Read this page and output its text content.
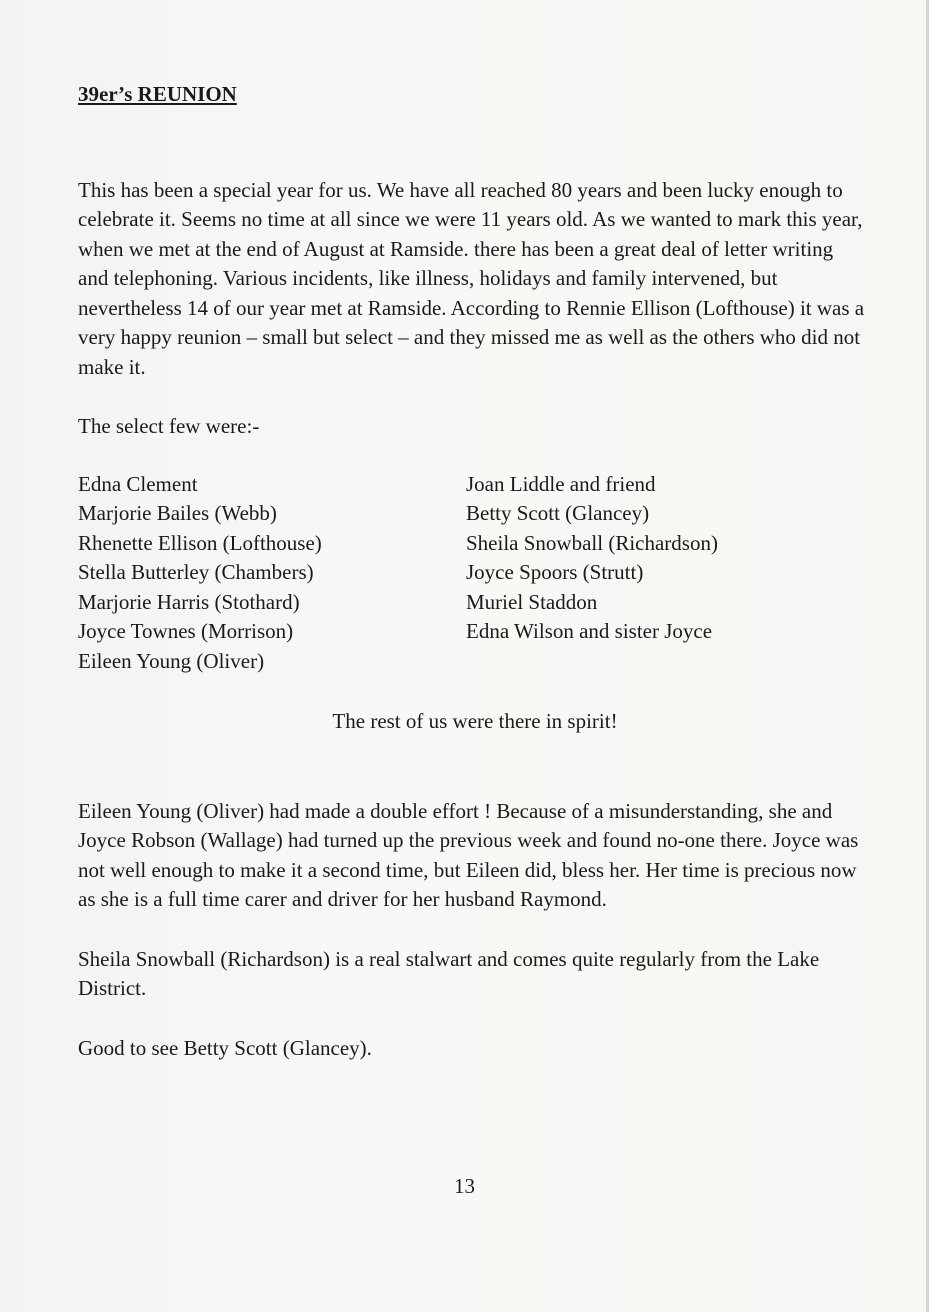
39er’s REUNION

This has been a special year for us. We have all reached 80 years and been lucky enough to celebrate it. Seems no time at all since we were 11 years old. As we wanted to mark this year, when we met at the end of August at Ramside. there has been a great deal of letter writing and telephoning. Various incidents, like illness, holidays and family intervened, but nevertheless 14 of our year met at Ramside. According to Rennie Ellison (Lofthouse) it was a very happy reunion – small but select – and they missed me as well as the others who did not make it.

The select few were:-

Edna Clement
Marjorie Bailes (Webb)
Rhenette Ellison (Lofthouse)
Stella Butterley (Chambers)
Marjorie Harris (Stothard)
Joyce Townes (Morrison)
Eileen Young (Oliver)
Joan Liddle and friend
Betty Scott (Glancey)
Sheila Snowball (Richardson)
Joyce Spoors (Strutt)
Muriel Staddon
Edna Wilson and sister Joyce

The rest of us were there in spirit!

Eileen Young (Oliver) had made a double effort ! Because of a misunderstanding, she and Joyce Robson (Wallage) had turned up the previous week and found no-one there. Joyce was not well enough to make it a second time, but Eileen did, bless her. Her time is precious now as she is a full time carer and driver for her husband Raymond.

Sheila Snowball (Richardson) is a real stalwart and comes quite regularly from the Lake District.

Good to see Betty Scott (Glancey).

13
